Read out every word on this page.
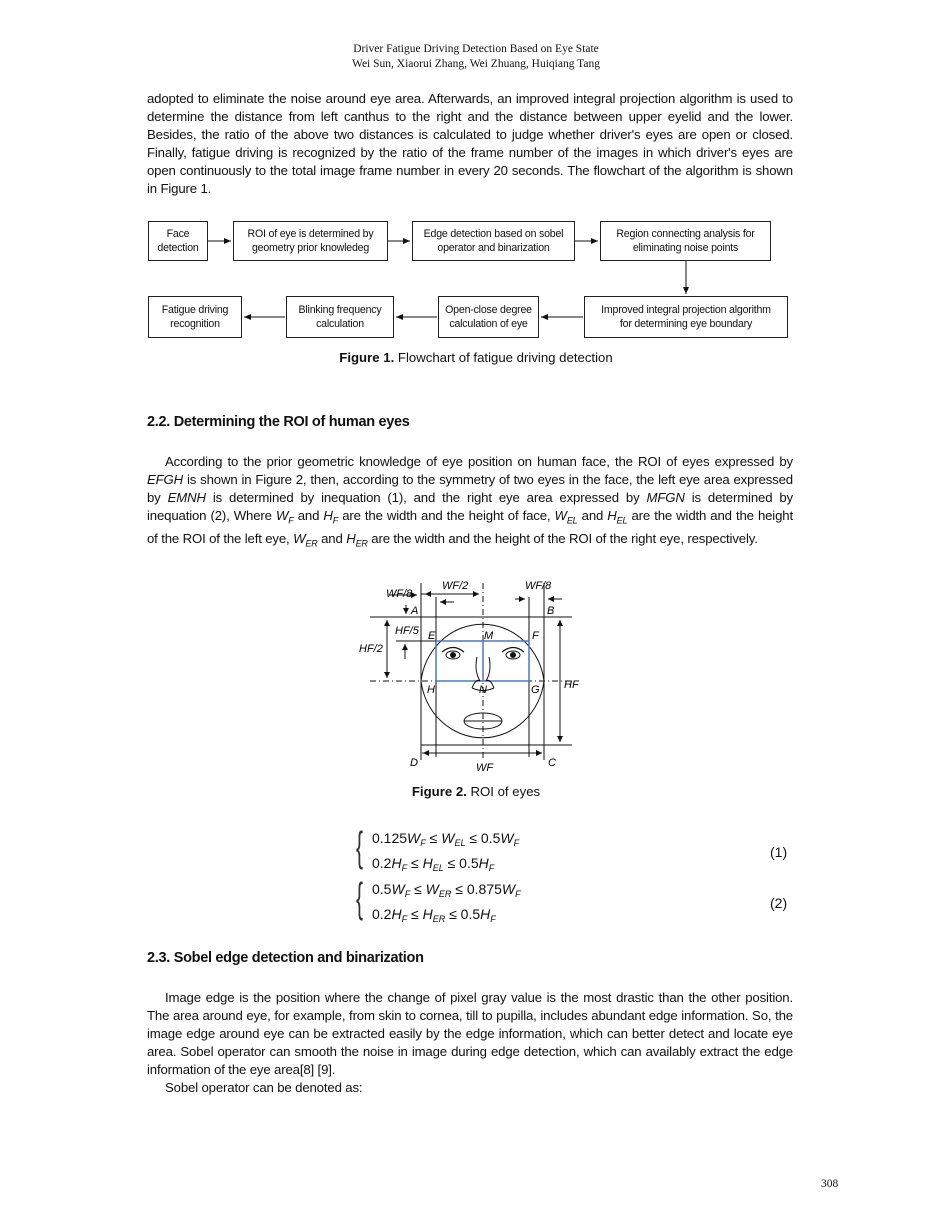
Driver Fatigue Driving Detection Based on Eye State
Wei Sun, Xiaorui Zhang, Wei Zhuang, Huiqiang Tang

adopted to eliminate the noise around eye area. Afterwards, an improved integral projection algorithm is used to determine the distance from left canthus to the right and the distance between upper eyelid and the lower. Besides, the ratio of the above two distances is calculated to judge whether driver's eyes are open or closed. Finally, fatigue driving is recognized by the ratio of the frame number of the images in which driver's eyes are open continuously to the total image frame number in every 20 seconds. The flowchart of the algorithm is shown in Figure 1.

Face
detection
ROI of eye is determined by
geometry prior knowledeg
Edge detection based on sobel
operator and binarization
Region connecting analysis for
eliminating noise points
Fatigue driving
recognition
Blinking frequency
calculation
Open-close degree
calculation of eye
Improved integral projection algorithm
for determining eye boundary
Figure 1. Flowchart of fatigue driving detection
2.2. Determining the ROI of human eyes

According to the prior geometric knowledge of eye position on human face, the ROI of eyes expressed by EFGH is shown in Figure 2, then, according to the symmetry of two eyes in the face, the left eye area expressed by EMNH is determined by inequation (1), and the right eye area expressed by MFGN is determined by inequation (2), Where $W_F$ and $H_F$ are the width and the height of face, $W_{EL}$ and $H_{EL}$ are the width and the height of the ROI of the left eye, $W_{ER}$ and $H_{ER}$ are the width and the height of the ROI of the right eye, respectively.

WF/8
WF/2	WF/8
A	B
HF/5
HF/2
E	M	F
H	N	G HF
D	C
WF
Figure 2. ROI of eyes
{ $0.125W_F \le W_{EL} \le 0.5W_F$
$0.2H_F \le H_{EL} \le 0.5H_F$
(1)
{ $0.5W_F \le W_{ER} \le 0.875W_F$
$0.2H_F \le H_{ER} \le 0.5H_F$
(2)
2.3. Sobel edge detection and binarization

Image edge is the position where the change of pixel gray value is the most drastic than the other position. The area around eye, for example, from skin to cornea, till to pupilla, includes abundant edge information. So, the image edge around eye can be extracted easily by the edge information, which can better detect and locate eye area. Sobel operator can smooth the noise in image during edge detection, which can availably extract the edge information of the eye area[8] [9].

Sobel operator can be denoted as:

308
